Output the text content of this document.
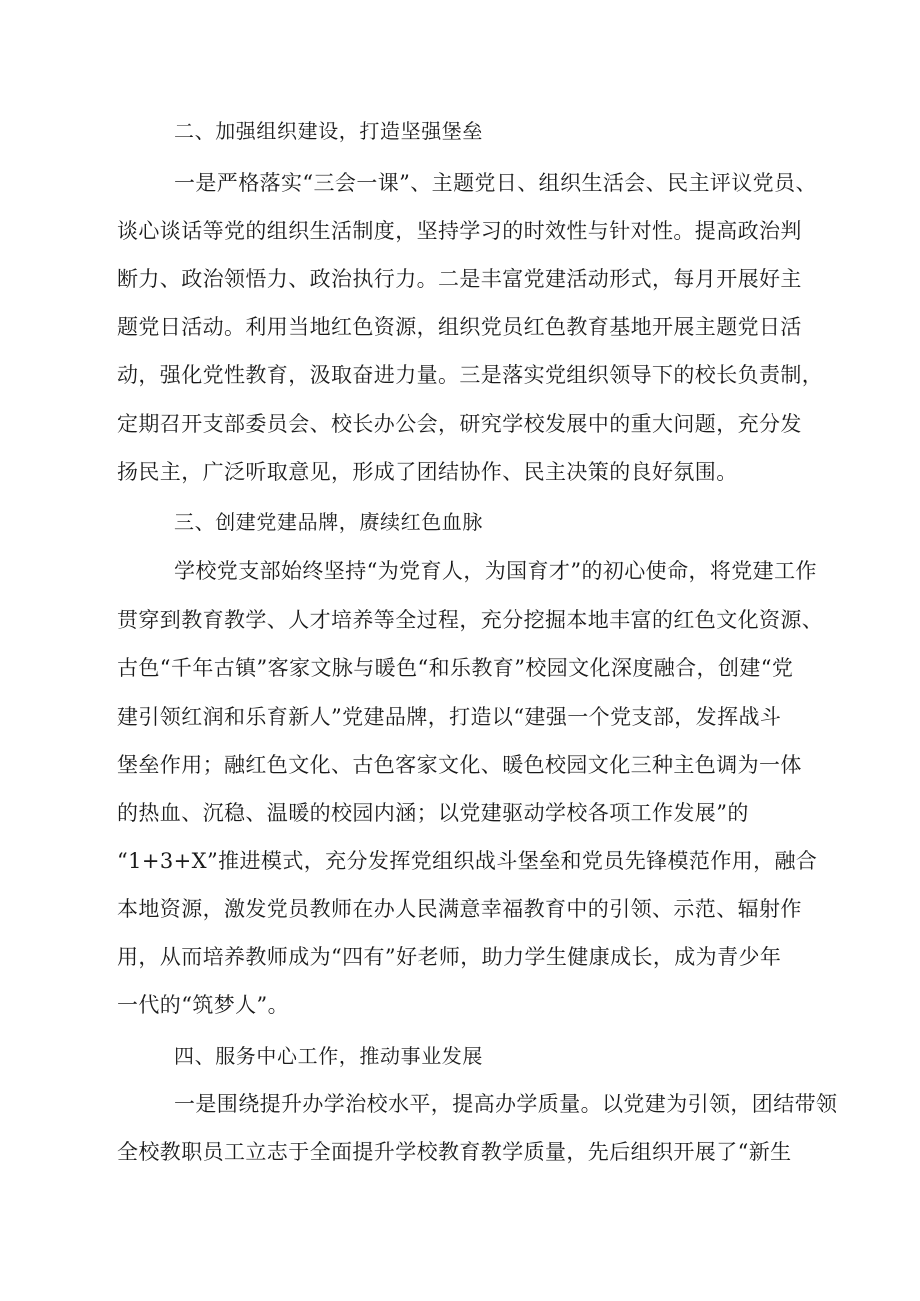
二、加强组织建设，打造坚强堡垒
一是严格落实“三会一课”、主题党日、组织生活会、民主评议党员、
谈心谈话等党的组织生活制度，坚持学习的时效性与针对性。提高政治判
断力、政治领悟力、政治执行力。二是丰富党建活动形式，每月开展好主
题党日活动。利用当地红色资源，组织党员红色教育基地开展主题党日活
动，强化党性教育，汲取奋进力量。三是落实党组织领导下的校长负责制，
定期召开支部委员会、校长办公会，研究学校发展中的重大问题，充分发
扬民主，广泛听取意见，形成了团结协作、民主决策的良好氛围。
三、创建党建品牌，赓续红色血脉
学校党支部始终坚持“为党育人，为国育才”的初心使命，将党建工作
贯穿到教育教学、人才培养等全过程，充分挖掘本地丰富的红色文化资源、
古色“千年古镇”客家文脉与暖色“和乐教育”校园文化深度融合，创建“党
建引领红润和乐育新人”党建品牌，打造以“建强一个党支部，发挥战斗
堡垒作用；融红色文化、古色客家文化、暖色校园文化三种主色调为一体
的热血、沉稳、温暖的校园内涵；以党建驱动学校各项工作发展”的
“1+3+X”推进模式，充分发挥党组织战斗堡垒和党员先锋模范作用，融合
本地资源，激发党员教师在办人民满意幸福教育中的引领、示范、辐射作
用，从而培养教师成为“四有”好老师，助力学生健康成长，成为青少年
一代的“筑梦人”。
四、服务中心工作，推动事业发展
一是围绕提升办学治校水平，提高办学质量。以党建为引领，团结带领
全校教职员工立志于全面提升学校教育教学质量，先后组织开展了“新生
